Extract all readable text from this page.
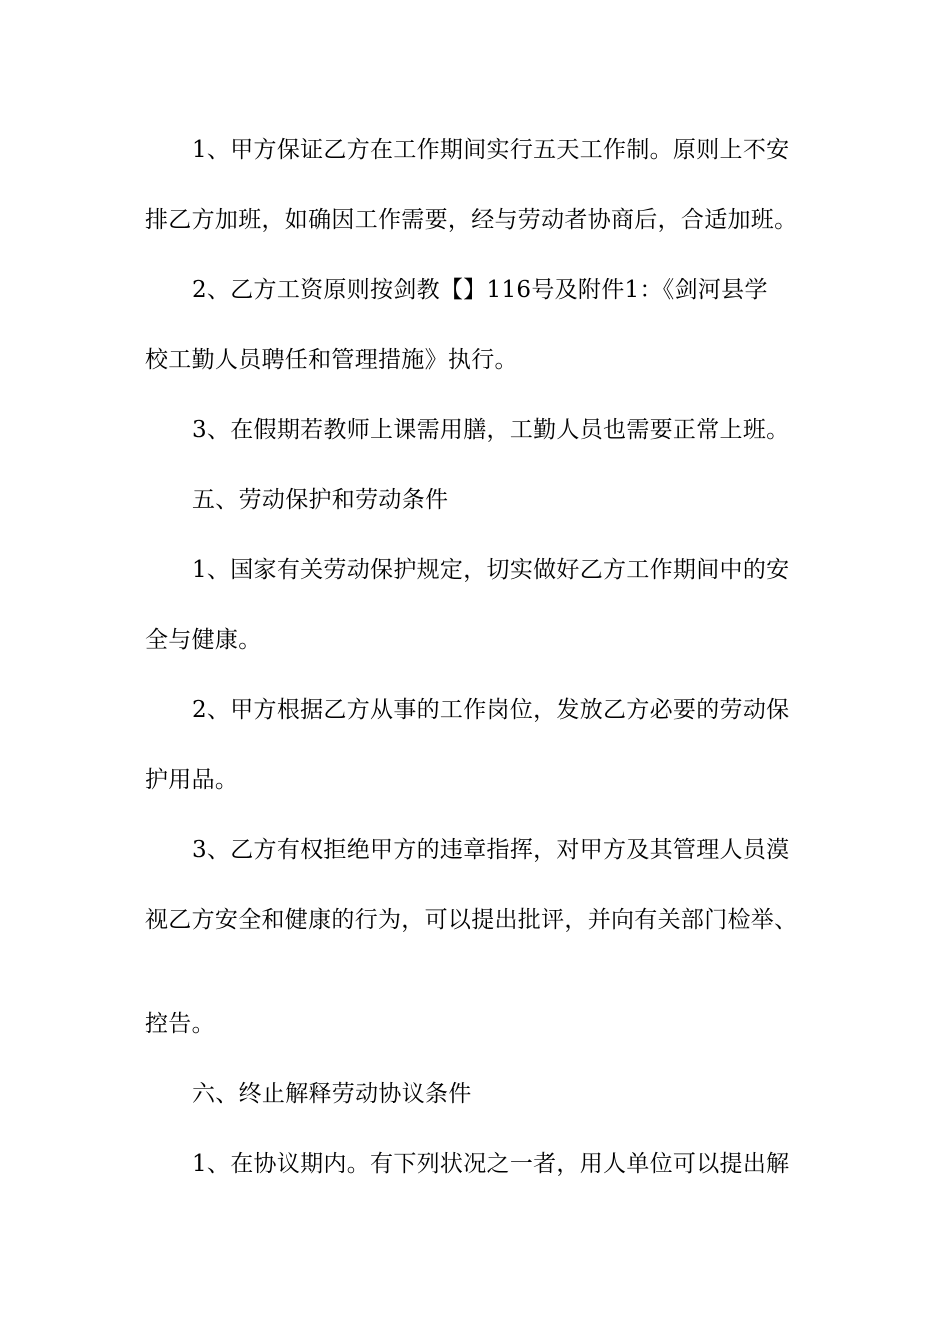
1、甲方保证乙方在工作期间实行五天工作制。原则上不安
排乙方加班，如确因工作需要，经与劳动者协商后，合适加班。
2、乙方工资原则按剑教【】116号及附件1：《剑河县学
校工勤人员聘任和管理措施》执行。
3、在假期若教师上课需用膳，工勤人员也需要正常上班。
五、劳动保护和劳动条件
1、国家有关劳动保护规定，切实做好乙方工作期间中的安
全与健康。
2、甲方根据乙方从事的工作岗位，发放乙方必要的劳动保
护用品。
3、乙方有权拒绝甲方的违章指挥，对甲方及其管理人员漠
视乙方安全和健康的行为，可以提出批评，并向有关部门检举、
控告。
六、终止解释劳动协议条件
1、在协议期内。有下列状况之一者，用人单位可以提出解
